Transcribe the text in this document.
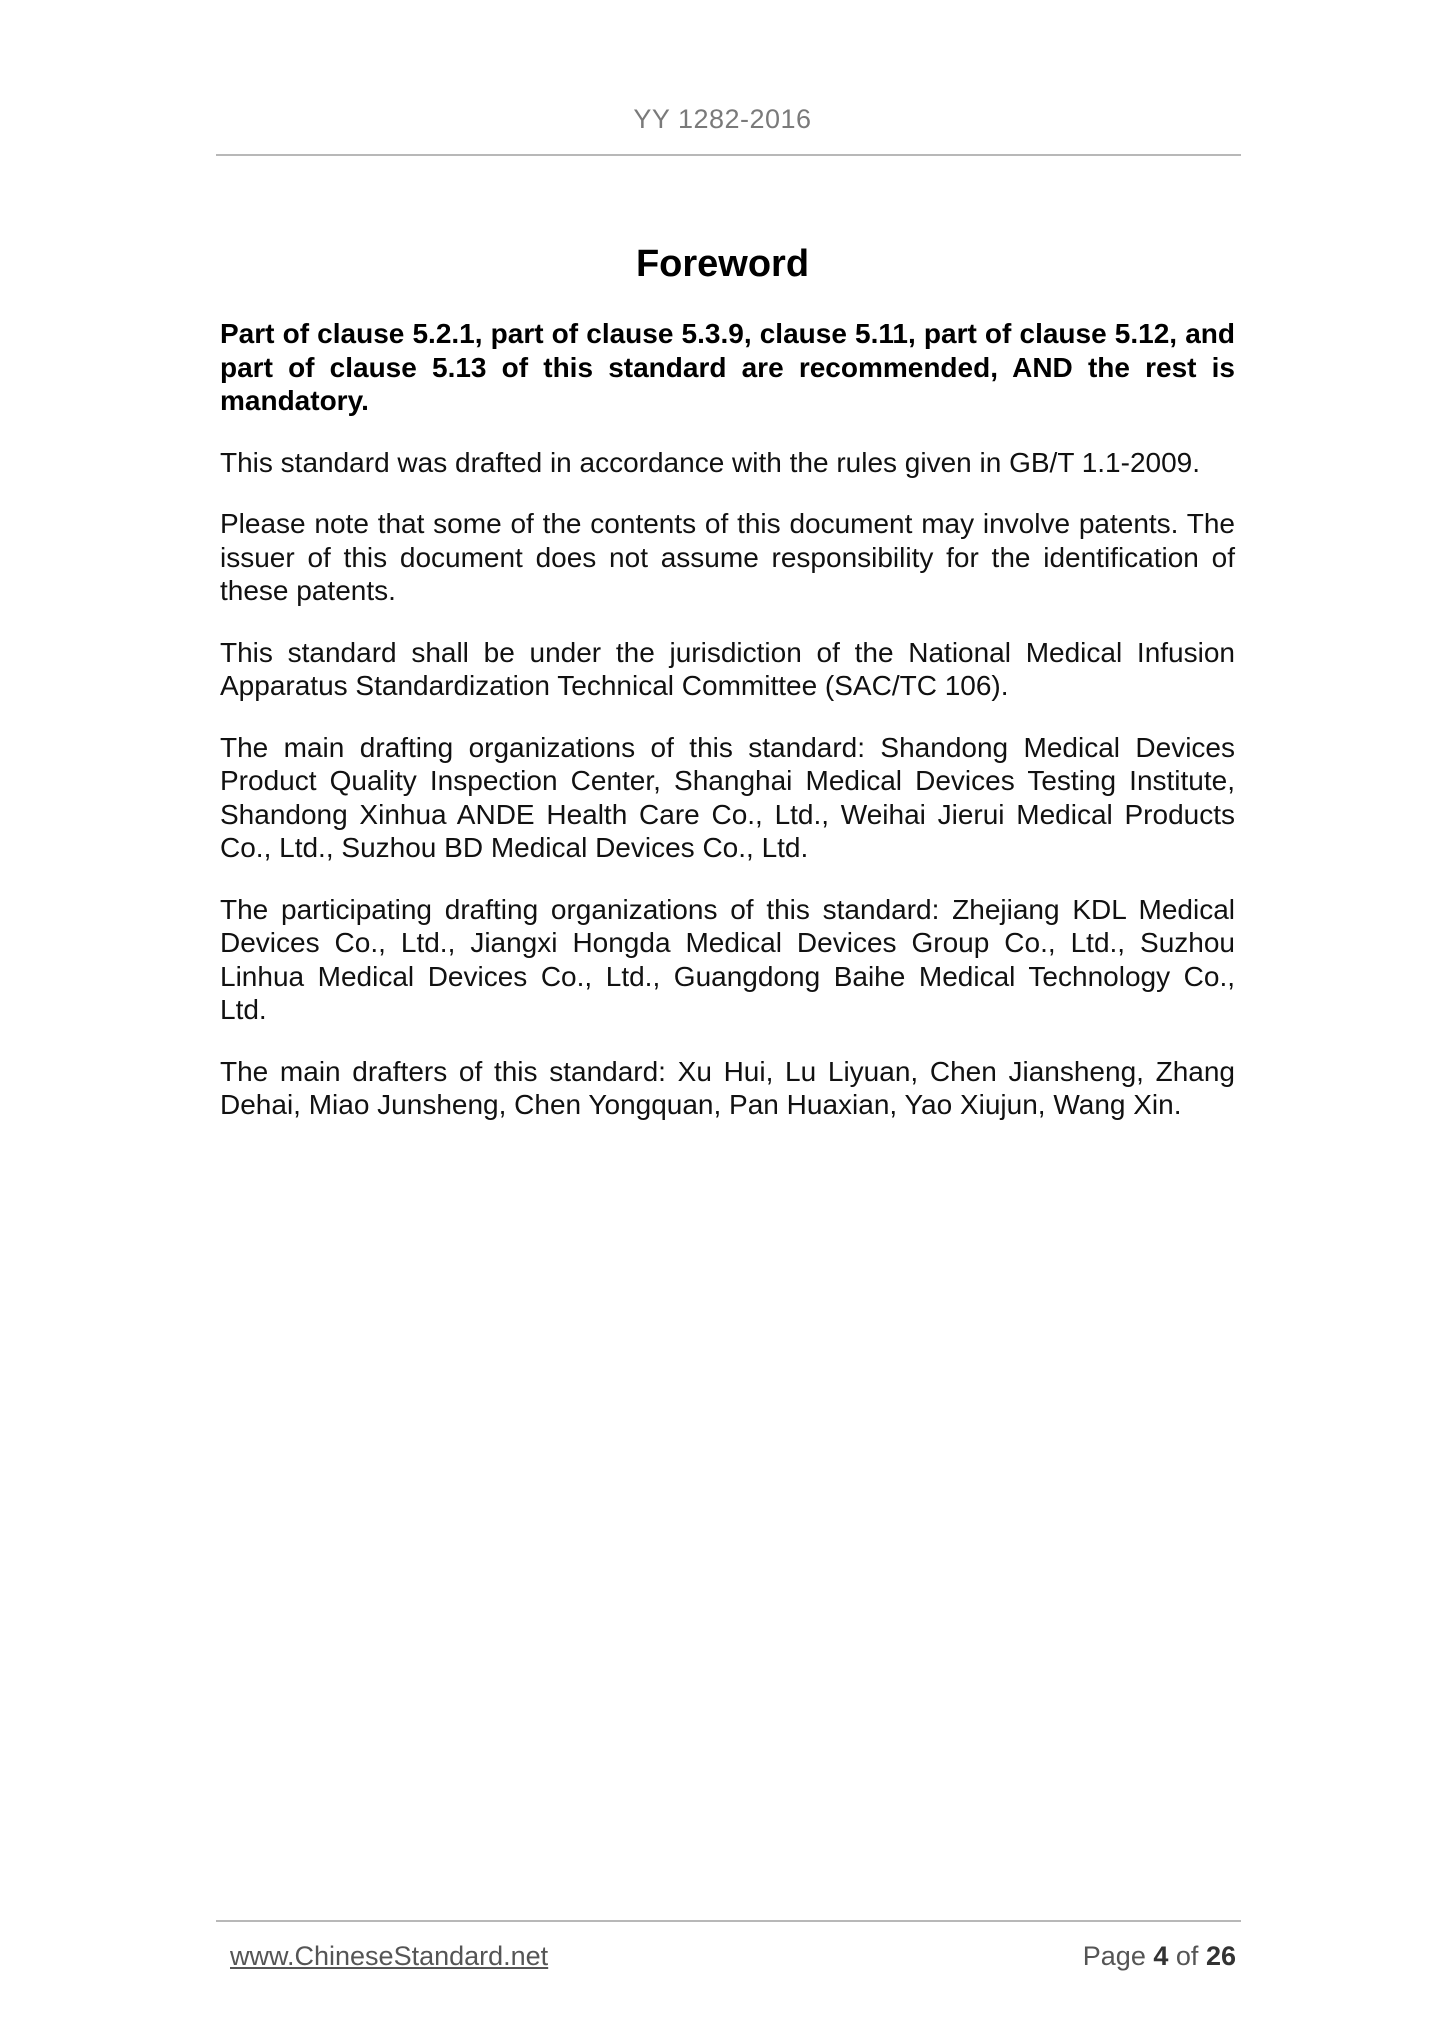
YY 1282-2016
Foreword

Part of clause 5.2.1, part of clause 5.3.9, clause 5.11, part of clause 5.12, and part of clause 5.13 of this standard are recommended, AND the rest is mandatory.

This standard was drafted in accordance with the rules given in GB/T 1.1-2009.

Please note that some of the contents of this document may involve patents. The issuer of this document does not assume responsibility for the identification of these patents.

This standard shall be under the jurisdiction of the National Medical Infusion Apparatus Standardization Technical Committee (SAC/TC 106).

The main drafting organizations of this standard: Shandong Medical Devices Product Quality Inspection Center, Shanghai Medical Devices Testing Institute, Shandong Xinhua ANDE Health Care Co., Ltd., Weihai Jierui Medical Products Co., Ltd., Suzhou BD Medical Devices Co., Ltd.

The participating drafting organizations of this standard: Zhejiang KDL Medical Devices Co., Ltd., Jiangxi Hongda Medical Devices Group Co., Ltd., Suzhou Linhua Medical Devices Co., Ltd., Guangdong Baihe Medical Technology Co., Ltd.

The main drafters of this standard: Xu Hui, Lu Liyuan, Chen Jiansheng, Zhang Dehai, Miao Junsheng, Chen Yongquan, Pan Huaxian, Yao Xiujun, Wang Xin.

www.ChineseStandard.net	Page 4 of 26
